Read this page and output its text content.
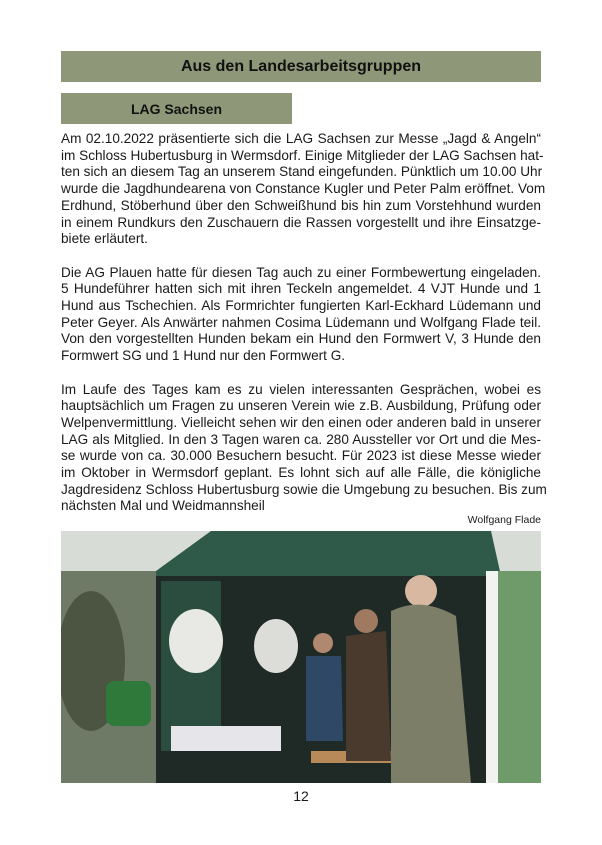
Aus den Landesarbeitsgruppen
LAG Sachsen
Am 02.10.2022 präsentierte sich die LAG Sachsen zur Messe „Jagd & Angeln“
im Schloss Hubertusburg in Wermsdorf. Einige Mitglieder der LAG Sachsen hat-
ten sich an diesem Tag an unserem Stand eingefunden. Pünktlich um 10.00 Uhr
wurde die Jagdhundearena von Constance Kugler und Peter Palm eröffnet. Vom
Erdhund, Stöberhund über den Schweißhund bis hin zum Vorstehhund wurden
in einem Rundkurs den Zuschauern die Rassen vorgestellt und ihre Einsatzge-
biete erläutert.
Die AG Plauen hatte für diesen Tag auch zu einer Formbewertung eingeladen.
5 Hundeführer hatten sich mit ihren Teckeln angemeldet. 4 VJT Hunde und 1
Hund aus Tschechien. Als Formrichter fungierten Karl-Eckhard Lüdemann und
Peter Geyer. Als Anwärter nahmen Cosima Lüdemann und Wolfgang Flade teil.
Von den vorgestellten Hunden bekam ein Hund den Formwert V, 3 Hunde den
Formwert SG und 1 Hund nur den Formwert G.
Im Laufe des Tages kam es zu vielen interessanten Gesprächen, wobei es
hauptsächlich um Fragen zu unseren Verein wie z.B. Ausbildung, Prüfung oder
Welpenvermittlung. Vielleicht sehen wir den einen oder anderen bald in unserer
LAG als Mitglied. In den 3 Tagen waren ca. 280 Aussteller vor Ort und die Mes-
se wurde von ca. 30.000 Besuchern besucht. Für 2023 ist diese Messe wieder
im Oktober in Wermsdorf geplant. Es lohnt sich auf alle Fälle, die königliche
Jagdresidenz Schloss Hubertusburg sowie die Umgebung zu besuchen. Bis zum
nächsten Mal und Weidmannsheil
Wolfgang Flade
12
